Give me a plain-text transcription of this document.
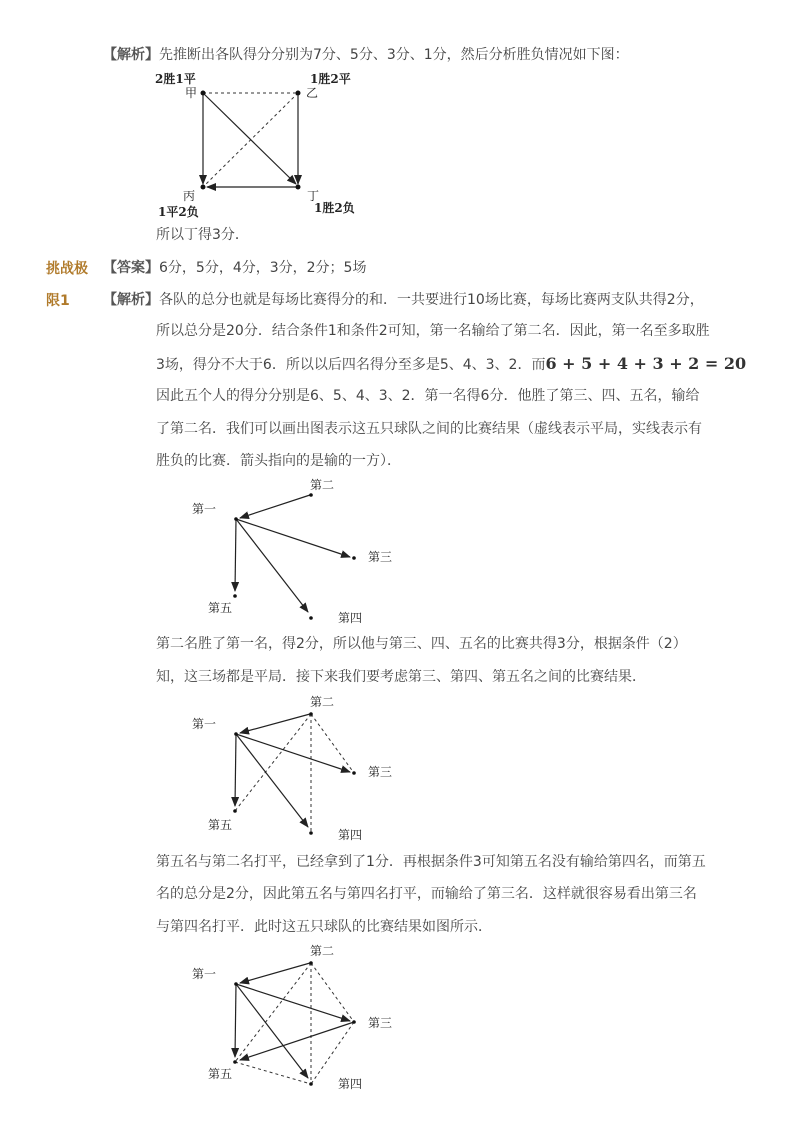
【解析】先推断出各队得分分别为7分、5分、3分、1分，然后分析胜负情况如下图：
2胜1平
甲
1胜2平
乙
丙
1平2负
丁
1胜2负
所以丁得3分．
挑战极 【答案】6分，5分，4分，3分，2分；5场
限1 【解析】各队的总分也就是每场比赛得分的和．一共要进行10场比赛，每场比赛两支队共得2分，
所以总分是20分．结合条件1和条件2可知，第一名输给了第二名．因此，第一名至多取胜
3场，得分不大于6．所以以后四名得分至多是5、4、3、2．而6 + 5 + 4 + 3 + 2 = 20
因此五个人的得分分别是6、5、4、3、2．第一名得6分．他胜了第三、四、五名，输给
了第二名．我们可以画出图表示这五只球队之间的比赛结果（虚线表示平局，实线表示有
胜负的比赛．箭头指向的是输的一方）．
第一
第二
第三
第四
第五
第二名胜了第一名，得2分，所以他与第三、四、五名的比赛共得3分，根据条件（2）
知，这三场都是平局．接下来我们要考虑第三、第四、第五名之间的比赛结果．
第一
第二
第三
第四
第五
第五名与第二名打平，已经拿到了1分．再根据条件3可知第五名没有输给第四名，而第五
名的总分是2分，因此第五名与第四名打平，而输给了第三名．这样就很容易看出第三名
与第四名打平．此时这五只球队的比赛结果如图所示．
第一
第二
第三
第四
第五
